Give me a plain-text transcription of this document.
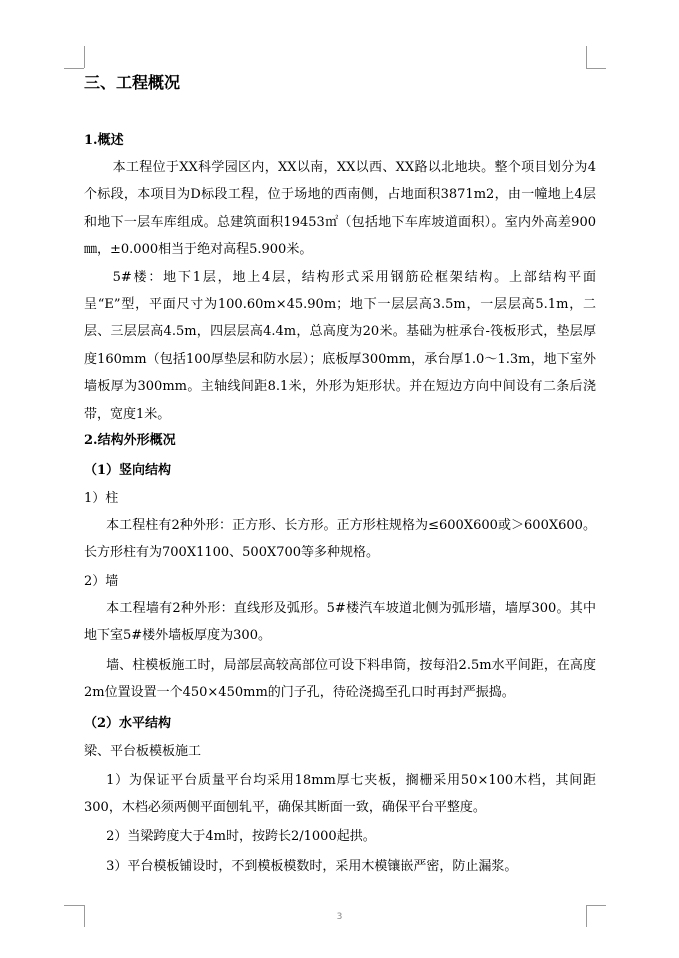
三、工程概况

1.概述

本工程位于XX科学园区内，XX以南，XX以西、XX路以北地块。整个项目划分为4个标段，本项目为D标段工程，位于场地的西南侧，占地面积3871m2，由一幢地上4层和地下一层车库组成。总建筑面积19453㎡（包括地下车库坡道面积）。室内外高差900㎜，±0.000相当于绝对高程5.900米。

5#楼：地下1层，地上4层，结构形式采用钢筋砼框架结构。上部结构平面呈“E”型，平面尺寸为100.60m×45.90m；地下一层层高3.5m，一层层高5.1m，二层、三层层高4.5m，四层层高4.4m，总高度为20米。基础为桩承台-筏板形式，垫层厚度160mm（包括100厚垫层和防水层）；底板厚300mm，承台厚1.0～1.3m，地下室外墙板厚为300mm。主轴线间距8.1米，外形为矩形状。并在短边方向中间设有二条后浇带，宽度1米。

2.结构外形概况

（1）竖向结构

1）柱

本工程柱有2种外形：正方形、长方形。正方形柱规格为≤600X600或＞600X600。长方形柱有为700X1100、500X700等多种规格。

2）墙

本工程墙有2种外形：直线形及弧形。5#楼汽车坡道北侧为弧形墙，墙厚300。其中地下室5#楼外墙板厚度为300。

墙、柱模板施工时，局部层高较高部位可设下料串筒，按每沿2.5m水平间距，在高度2m位置设置一个450×450mm的门子孔，待砼浇捣至孔口时再封严振捣。

（2）水平结构

梁、平台板模板施工

1）为保证平台质量平台均采用18mm厚七夹板，搁栅采用50×100木档，其间距300，木档必须两侧平面刨轧平，确保其断面一致，确保平台平整度。

2）当梁跨度大于4m时，按跨长2/1000起拱。

3）平台模板铺设时，不到模板模数时，采用木模镶嵌严密，防止漏浆。

3
